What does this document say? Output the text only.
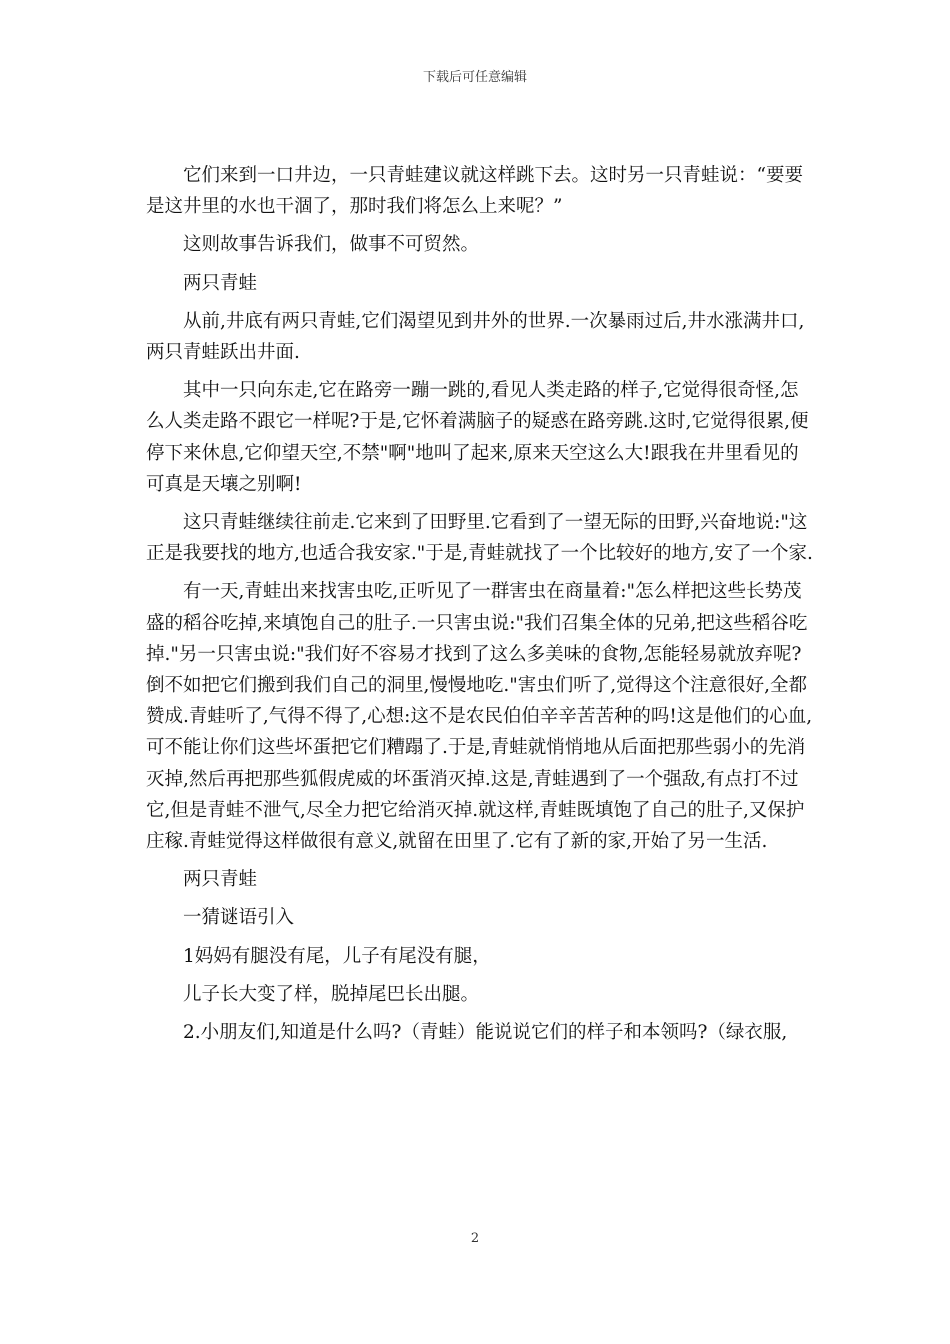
下载后可任意编辑

它们来到一口井边，一只青蛙建议就这样跳下去。这时另一只青蛙说：“要要是这井里的水也干涸了，那时我们将怎么上来呢？”

这则故事告诉我们，做事不可贸然。

两只青蛙

从前,井底有两只青蛙,它们渴望见到井外的世界.一次暴雨过后,井水涨满井口,两只青蛙跃出井面.

其中一只向东走,它在路旁一蹦一跳的,看见人类走路的样子,它觉得很奇怪,怎么人类走路不跟它一样呢?于是,它怀着满脑子的疑惑在路旁跳.这时,它觉得很累,便停下来休息,它仰望天空,不禁"啊"地叫了起来,原来天空这么大!跟我在井里看见的可真是天壤之别啊!

这只青蛙继续往前走.它来到了田野里.它看到了一望无际的田野,兴奋地说:"这正是我要找的地方,也适合我安家."于是,青蛙就找了一个比较好的地方,安了一个家.

有一天,青蛙出来找害虫吃,正听见了一群害虫在商量着:"怎么样把这些长势茂盛的稻谷吃掉,来填饱自己的肚子.一只害虫说:"我们召集全体的兄弟,把这些稻谷吃掉."另一只害虫说:"我们好不容易才找到了这么多美味的食物,怎能轻易就放弃呢?倒不如把它们搬到我们自己的洞里,慢慢地吃."害虫们听了,觉得这个注意很好,全都赞成.青蛙听了,气得不得了,心想:这不是农民伯伯辛辛苦苦种的吗!这是他们的心血,可不能让你们这些坏蛋把它们糟蹋了.于是,青蛙就悄悄地从后面把那些弱小的先消灭掉,然后再把那些狐假虎威的坏蛋消灭掉.这是,青蛙遇到了一个强敌,有点打不过它,但是青蛙不泄气,尽全力把它给消灭掉.就这样,青蛙既填饱了自己的肚子,又保护庄稼.青蛙觉得这样做很有意义,就留在田里了.它有了新的家,开始了另一生活.

两只青蛙

一猜谜语引入

1妈妈有腿没有尾，儿子有尾没有腿，

儿子长大变了样，脱掉尾巴长出腿。

2.小朋友们,知道是什么吗?（青蛙）能说说它们的样子和本领吗?（绿衣服,

2
